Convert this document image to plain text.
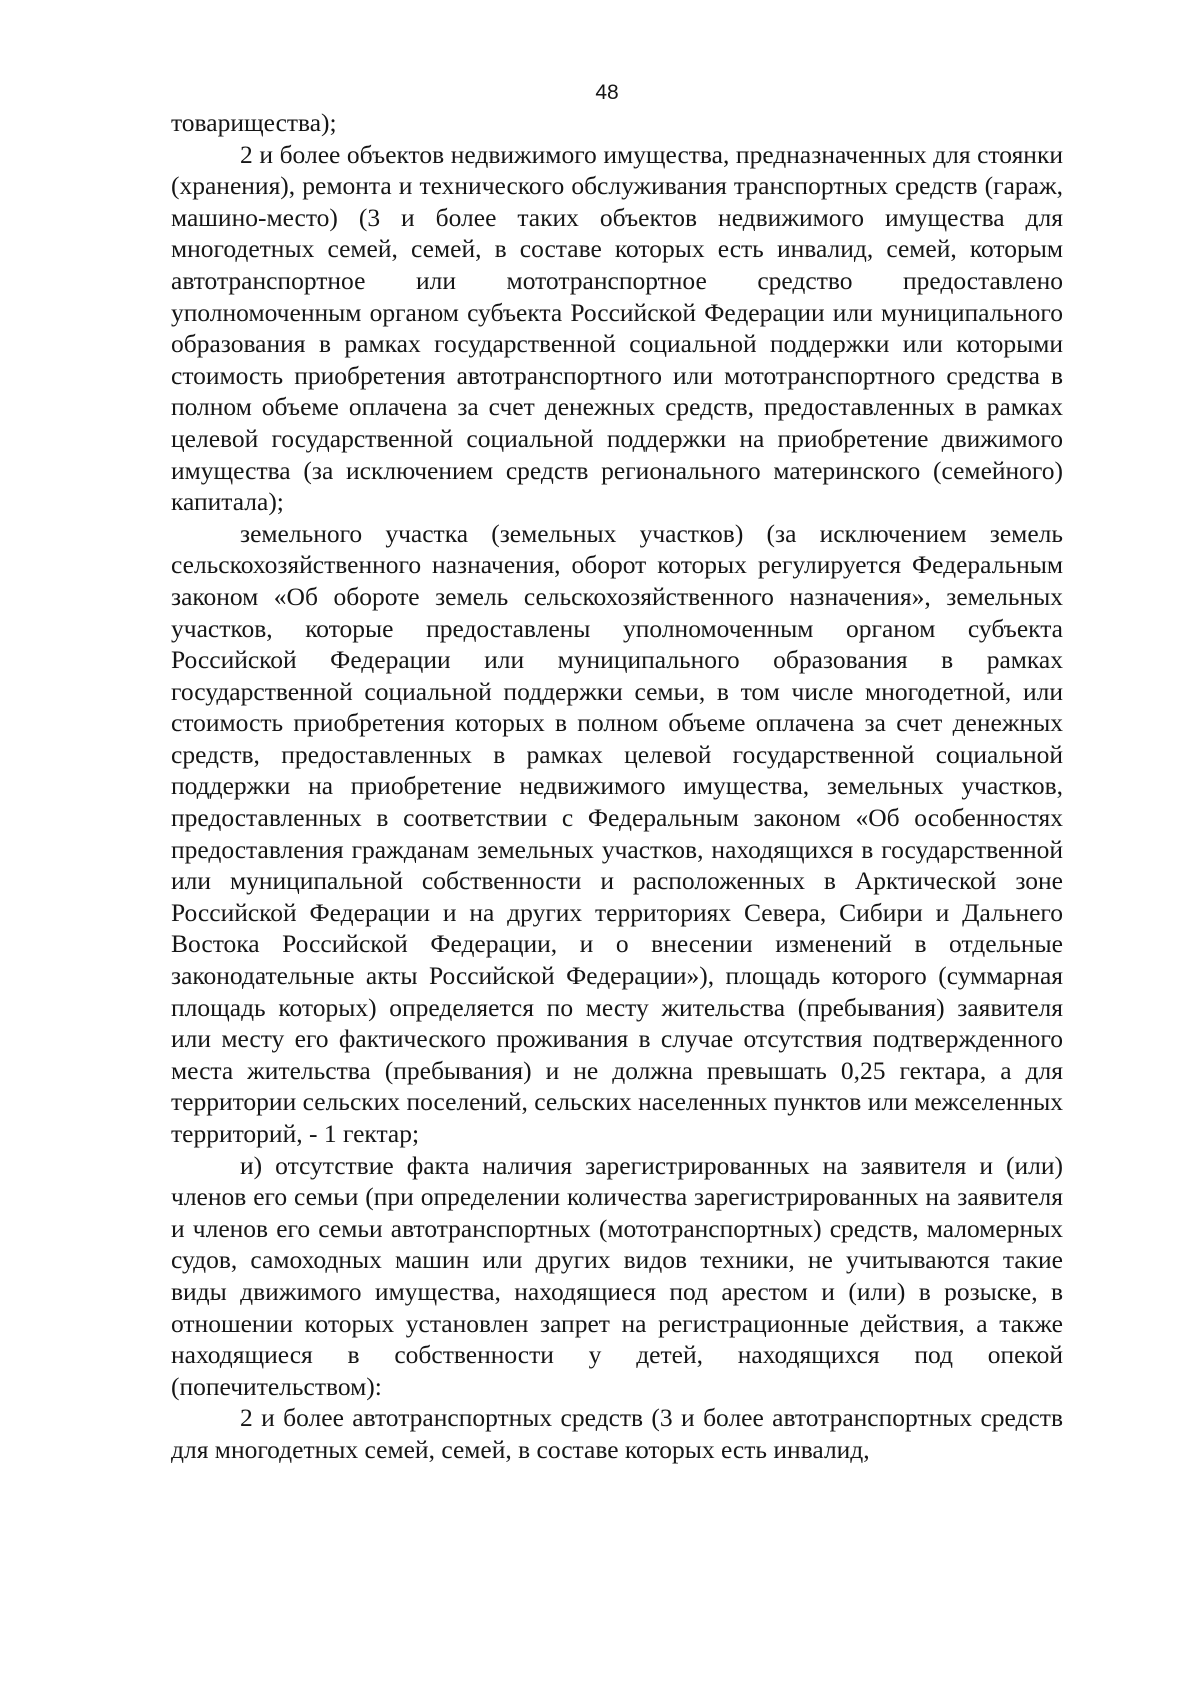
48

товарищества);

2 и более объектов недвижимого имущества, предназначенных для стоянки (хранения), ремонта и технического обслуживания транспортных средств (гараж, машино-место) (3 и более таких объектов недвижимого имущества для многодетных семей, семей, в составе которых есть инвалид, семей, которым автотранспортное или мототранспортное средство предоставлено уполномоченным органом субъекта Российской Федерации или муниципального образования в рамках государственной социальной поддержки или которыми стоимость приобретения автотранспортного или мототранспортного средства в полном объеме оплачена за счет денежных средств, предоставленных в рамках целевой государственной социальной поддержки на приобретение движимого имущества (за исключением средств регионального материнского (семейного) капитала);

земельного участка (земельных участков) (за исключением земель сельскохозяйственного назначения, оборот которых регулируется Федеральным законом «Об обороте земель сельскохозяйственного назначения», земельных участков, которые предоставлены уполномоченным органом субъекта Российской Федерации или муниципального образования в рамках государственной социальной поддержки семьи, в том числе многодетной, или стоимость приобретения которых в полном объеме оплачена за счет денежных средств, предоставленных в рамках целевой государственной социальной поддержки на приобретение недвижимого имущества, земельных участков, предоставленных в соответствии с Федеральным законом «Об особенностях предоставления гражданам земельных участков, находящихся в государственной или муниципальной собственности и расположенных в Арктической зоне Российской Федерации и на других территориях Севера, Сибири и Дальнего Востока Российской Федерации, и о внесении изменений в отдельные законодательные акты Российской Федерации»), площадь которого (суммарная площадь которых) определяется по месту жительства (пребывания) заявителя или месту его фактического проживания в случае отсутствия подтвержденного места жительства (пребывания) и не должна превышать 0,25 гектара, а для территории сельских поселений, сельских населенных пунктов или межселенных территорий, - 1 гектар;

и) отсутствие факта наличия зарегистрированных на заявителя и (или) членов его семьи (при определении количества зарегистрированных на заявителя и членов его семьи автотранспортных (мототранспортных) средств, маломерных судов, самоходных машин или других видов техники, не учитываются такие виды движимого имущества, находящиеся под арестом и (или) в розыске, в отношении которых установлен запрет на регистрационные действия, а также находящиеся в собственности у детей, находящихся под опекой (попечительством):

2 и более автотранспортных средств (3 и более автотранспортных средств для многодетных семей, семей, в составе которых есть инвалид,
